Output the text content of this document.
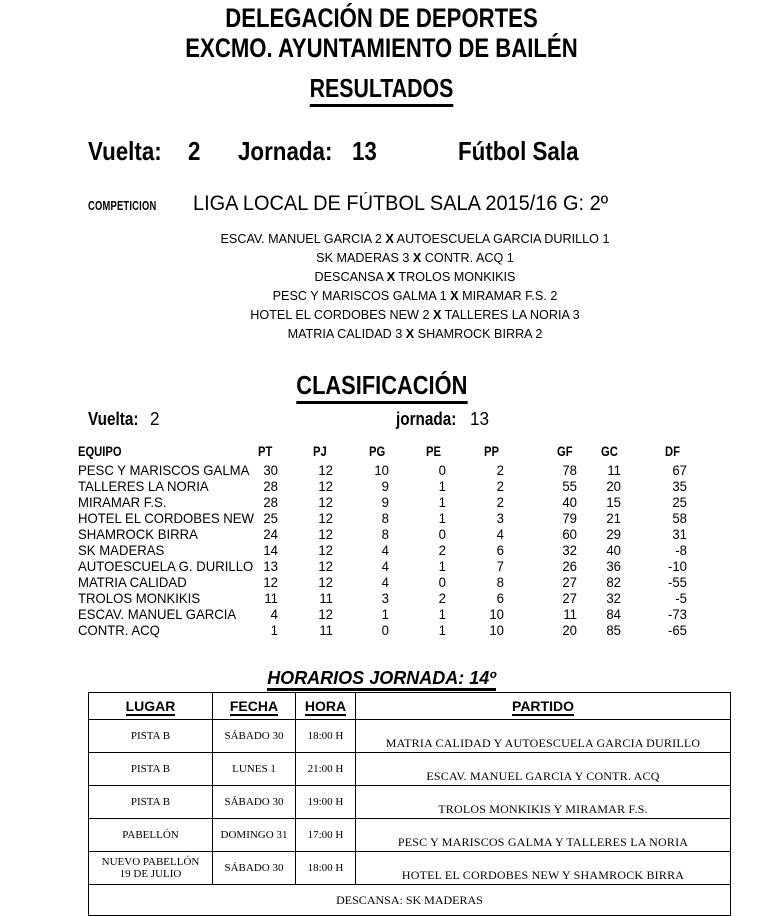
DELEGACIÓN DE DEPORTES
EXCMO. AYUNTAMIENTO DE BAILÉN
RESULTADOS
Vuelta: 2 Jornada: 13	Fútbol Sala
COMPETICION LIGA LOCAL DE FÚTBOL SALA 2015/16 G: 2º
ESCAV. MANUEL GARCIA 2 X AUTOESCUELA GARCIA DURILLO 1
SK MADERAS 3 X CONTR. ACQ 1
DESCANSA X TROLOS MONKIKIS
PESC Y MARISCOS GALMA 1 X MIRAMAR F.S. 2
HOTEL EL CORDOBES NEW 2 X TALLERES LA NORIA 3
MATRIA CALIDAD 3 X SHAMROCK BIRRA 2
CLASIFICACIÓN
Vuelta: 2	jornada: 13
EQUIPO	PT	PJ	PG	PE	PP	GF GC	DF
PESC Y MARISCOS GALMA 30	12	10	0	2	78	11	67
TALLERES LA NORIA	28	12	9	1	2	55	20	35
MIRAMAR F.S.	28	12	9	1	2	40	15	25
HOTEL EL CORDOBES NEW 25	12	8	1	3	79	21	58
SHAMROCK BIRRA	24	12	8	0	4	60	29	31
SK MADERAS	14	12	4	2	6	32	40	-8
AUTOESCUELA G. DURILLO 13	12	4	1	7	26	36	-10
MATRIA CALIDAD	12	12	4	0	8	27	82	-55
TROLOS MONKIKIS	11	11	3	2	6	27	32	-5
ESCAV. MANUEL GARCIA	4	12	1	1	10	11	84	-73
CONTR. ACQ	1	11	0	1	10	20	85	-65
HORARIOS JORNADA: 14º
LUGAR	FECHA	HORA	PARTIDO
PISTA B	SÁBADO 30	18:00 H	MATRIA CALIDAD Y AUTOESCUELA GARCIA DURILLO
PISTA B	LUNES 1	21:00 H	ESCAV. MANUEL GARCIA Y CONTR. ACQ
PISTA B	SÁBADO 30	19:00 H	TROLOS MONKIKIS Y MIRAMAR F.S.
PABELLÓN	DOMINGO 31	17:00 H	PESC Y MARISCOS GALMA Y TALLERES LA NORIA
NUEVO PABELLÓN
19 DE JULIO	SÁBADO 30	18:00 H	HOTEL EL CORDOBES NEW Y SHAMROCK BIRRA
DESCANSA: SK MADERAS			
